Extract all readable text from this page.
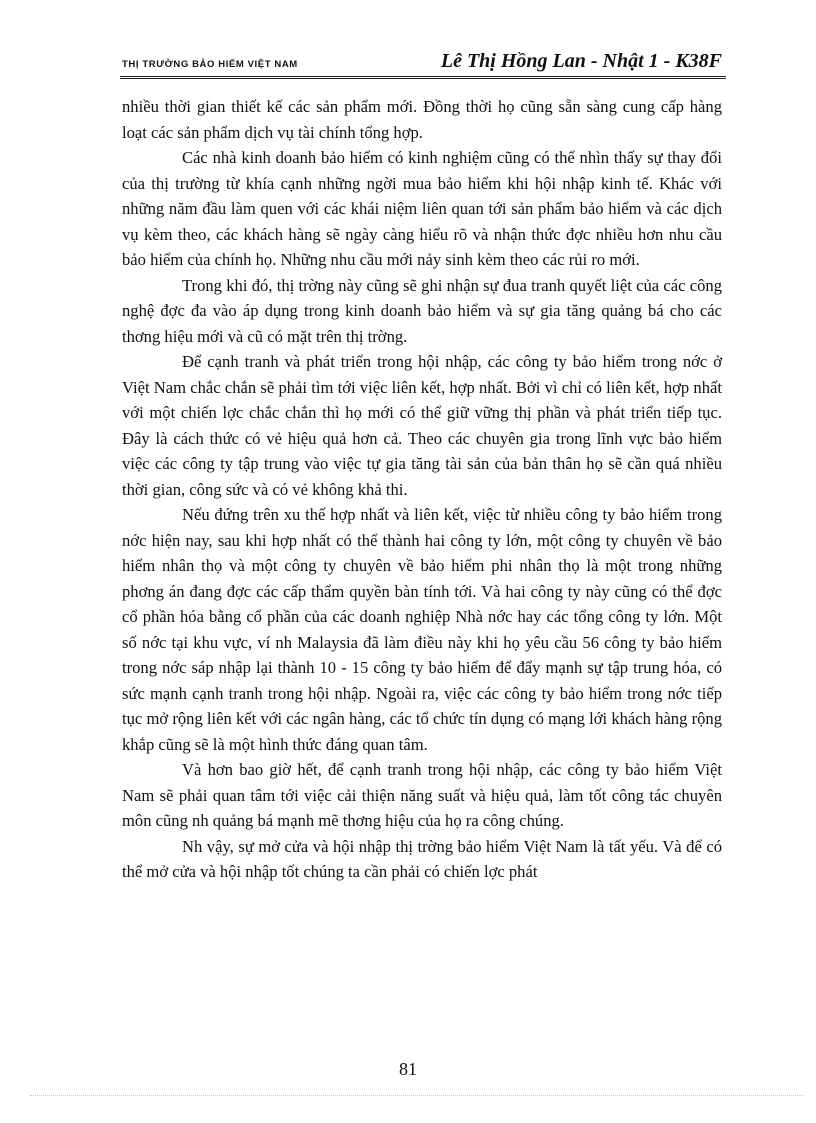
THỊ TRƯỜNG BẢO HIỂM VIỆT NAM	Lê Thị Hồng Lan - Nhật 1 - K38F

nhiều thời gian thiết kế các sản phẩm mới. Đồng thời họ cũng sẵn sàng cung cấp hàng loạt các sản phẩm dịch vụ tài chính tổng hợp.

Các nhà kinh doanh bảo hiểm có kinh nghiệm cũng có thể nhìn thấy sự thay đổi của thị trường từ khía cạnh những ngời mua bảo hiểm khi hội nhập kinh tế. Khác với những năm đầu làm quen với các khái niệm liên quan tới sản phẩm bảo hiểm và các dịch vụ kèm theo, các khách hàng sẽ ngày càng hiểu rõ và nhận thức đợc nhiều hơn nhu cầu bảo hiểm của chính họ. Những nhu cầu mới nảy sinh kèm theo các rủi ro mới.

Trong khi đó, thị trờng này cũng sẽ ghi nhận sự đua tranh quyết liệt của các công nghệ đợc đa vào áp dụng trong kinh doanh bảo hiểm và sự gia tăng quảng bá cho các thơng hiệu mới và cũ có mặt trên thị trờng.

Để cạnh tranh và phát triển trong hội nhập, các công ty bảo hiểm trong nớc ở Việt Nam chắc chắn sẽ phải tìm tới việc liên kết, hợp nhất. Bởi vì chỉ có liên kết, hợp nhất với một chiến lợc chắc chắn thì họ mới có thể giữ vững thị phần và phát triển tiếp tục. Đây là cách thức có vẻ hiệu quả hơn cả. Theo các chuyên gia trong lĩnh vực bảo hiểm việc các công ty tập trung vào việc tự gia tăng tài sản của bản thân họ sẽ cần quá nhiều thời gian, công sức và có vẻ không khả thi.

Nếu đứng trên xu thế hợp nhất và liên kết, việc từ nhiều công ty bảo hiểm trong nớc hiện nay, sau khi hợp nhất có thể thành hai công ty lớn, một công ty chuyên về bảo hiểm nhân thọ và một công ty chuyên về bảo hiểm phi nhân thọ là một trong những phơng án đang đợc các cấp thẩm quyền bàn tính tới. Và hai công ty này cũng có thể đợc cổ phần hóa bằng cổ phần của các doanh nghiệp Nhà nớc hay các tổng công ty lớn. Một số nớc tại khu vực, ví nh Malaysia đã làm điều này khi họ yêu cầu 56 công ty bảo hiểm trong nớc sáp nhập lại thành 10 - 15 công ty bảo hiểm để đẩy mạnh sự tập trung hóa, có sức mạnh cạnh tranh trong hội nhập. Ngoài ra, việc các công ty bảo hiểm trong nớc tiếp tục mở rộng liên kết với các ngân hàng, các tổ chức tín dụng có mạng lới khách hàng rộng khắp cũng sẽ là một hình thức đáng quan tâm.

Và hơn bao giờ hết, để cạnh tranh trong hội nhập, các công ty bảo hiểm Việt Nam sẽ phải quan tâm tới việc cải thiện năng suất và hiệu quả, làm tốt công tác chuyên môn cũng nh quảng bá mạnh mẽ thơng hiệu của họ ra công chúng.

Nh vậy, sự mở cửa và hội nhập thị trờng bảo hiểm Việt Nam là tất yếu. Và để có thể mở cửa và hội nhập tốt chúng ta cần phải có chiến lợc phát

81
